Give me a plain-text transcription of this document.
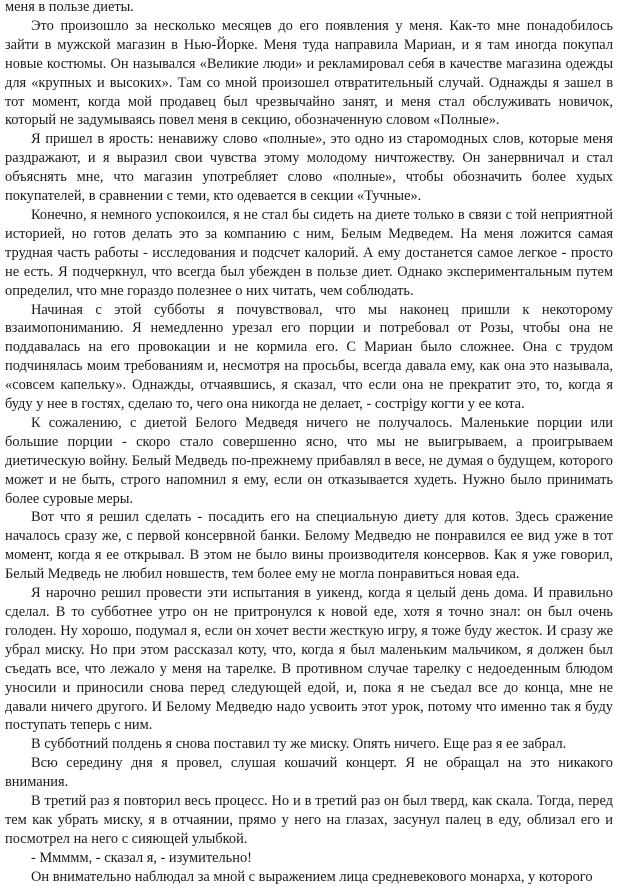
меня в пользе диеты.

Это произошло за несколько месяцев до его появления у меня. Как-то мне понадобилось зайти в мужской магазин в Нью-Йорке. Меня туда направила Мариан, и я там иногда покупал новые костюмы. Он назывался «Великие люди» и рекламировал себя в качестве магазина одежды для «крупных и высоких». Там со мной произошел отвратительный случай. Однажды я зашел в тот момент, когда мой продавец был чрезвычайно занят, и меня стал обслуживать новичок, который не задумываясь повел меня в секцию, обозначенную словом «Полные».

Я пришел в ярость: ненавижу слово «полные», это одно из старомодных слов, которые меня раздражают, и я выразил свои чувства этому молодому ничтожеству. Он занервничал и стал объяснять мне, что магазин употребляет слово «полные», чтобы обозначить более худых покупателей, в сравнении с теми, кто одевается в секции «Тучные».

Конечно, я немного успокоился, я не стал бы сидеть на диете только в связи с той неприятной историей, но готов делать это за компанию с ним, Белым Медведем. На меня ложится самая трудная часть работы - исследования и подсчет калорий. А ему достанется самое легкое - просто не есть. Я подчеркнул, что всегда был убежден в пользе диет. Однако экспериментальным путем определил, что мне гораздо полезнее о них читать, чем соблюдать.

Начиная с этой субботы я почувствовал, что мы наконец пришли к некоторому взаимопониманию. Я немедленно урезал его порции и потребовал от Розы, чтобы она не поддавалась на его провокации и не кормила его. С Мариан было сложнее. Она с трудом подчинялась моим требованиям и, несмотря на просьбы, всегда давала ему, как она это называла, «совсем капельку». Однажды, отчаявшись, я сказал, что если она не прекратит это, то, когда я буду у нее в гостях, сделаю то, чего она никогда не делает, - сострigу когти у ее кота.

К сожалению, с диетой Белого Медведя ничего не получалось. Маленькие порции или большие порции - скоро стало совершенно ясно, что мы не выигрываем, а проигрываем диетическую войну. Белый Медведь по-прежнему прибавлял в весе, не думая о будущем, которого может и не быть, строго напомнил я ему, если он отказывается худеть. Нужно было принимать более суровые меры.

Вот что я решил сделать - посадить его на специальную диету для котов. Здесь сражение началось сразу же, с первой консервной банки. Белому Медведю не понравился ее вид уже в тот момент, когда я ее открывал. В этом не было вины производителя консервов. Как я уже говорил, Белый Медведь не любил новшеств, тем более ему не могла понравиться новая еда.

Я нарочно решил провести эти испытания в уикенд, когда я целый день дома. И правильно сделал. В то субботнее утро он не притронулся к новой еде, хотя я точно знал: он был очень голоден. Ну хорошо, подумал я, если он хочет вести жесткую игру, я тоже буду жесток. И сразу же убрал миску. Но при этом рассказал коту, что, когда я был маленьким мальчиком, я должен был съедать все, что лежало у меня на тарелке. В противном случае тарелку с недоеденным блюдом уносили и приносили снова перед следующей едой, и, пока я не съедал все до конца, мне не давали ничего другого. И Белому Медведю надо усвоить этот урок, потому что именно так я буду поступать теперь с ним.

В субботний полдень я снова поставил ту же миску. Опять ничего. Еще раз я ее забрал.

Всю середину дня я провел, слушая кошачий концерт. Я не обращал на это никакого внимания.

В третий раз я повторил весь процесс. Но и в третий раз он был тверд, как скала. Тогда, перед тем как убрать миску, я в отчаянии, прямо у него на глазах, засунул палец в еду, облизал его и посмотрел на него с сияющей улыбкой.

- Ммммм, - сказал я, - изумительно!

Он внимательно наблюдал за мной с выражением лица средневекового монарха, у которого
